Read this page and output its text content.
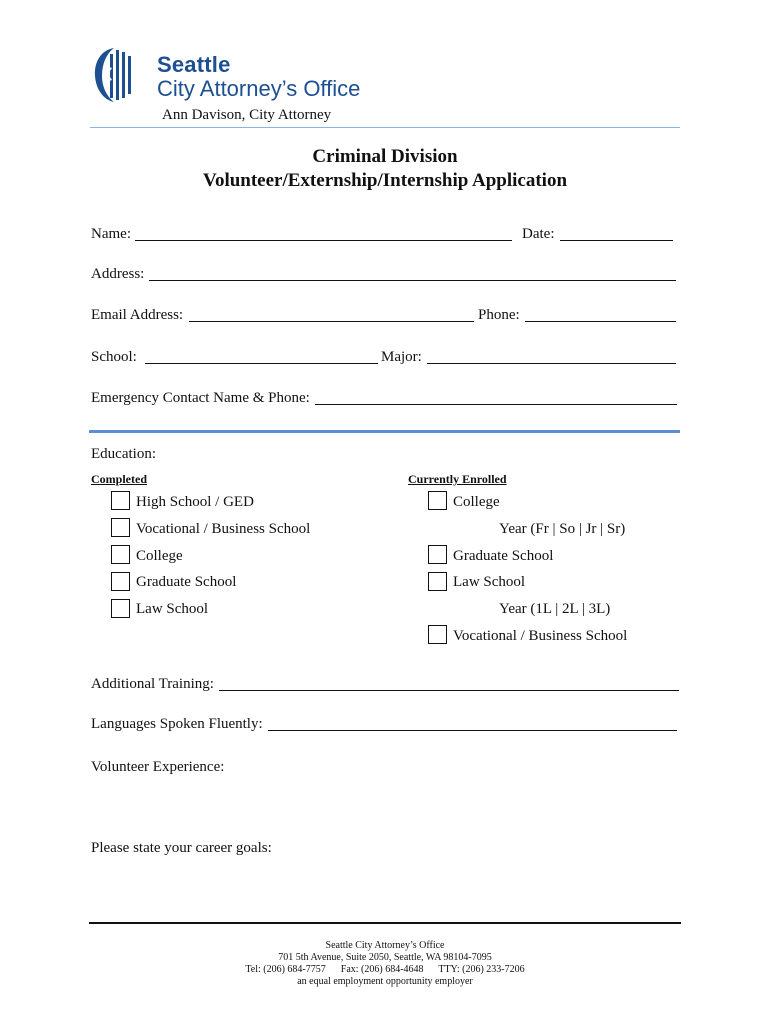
Seattle
City Attorney’s Office
Ann Davison, City Attorney
Criminal Division
Volunteer/Externship/Internship Application
Name:	Date:
Address:
Email Address:	Phone:
School:	Major:
Emergency Contact Name & Phone:
Education:
Completed	Currently Enrolled
High School / GED
Vocational / Business School
College
Graduate School
Law School
College
Year (Fr | So | Jr | Sr)
Graduate School
Law School
Year (1L | 2L | 3L)
Vocational / Business School
Additional Training:
Languages Spoken Fluently:
Volunteer Experience:
Please state your career goals:
Seattle City Attorney’s Office
701 5th Avenue, Suite 2050, Seattle, WA 98104-7095
Tel: (206) 684-7757      Fax: (206) 684-4648      TTY: (206) 233-7206
an equal employment opportunity employer
